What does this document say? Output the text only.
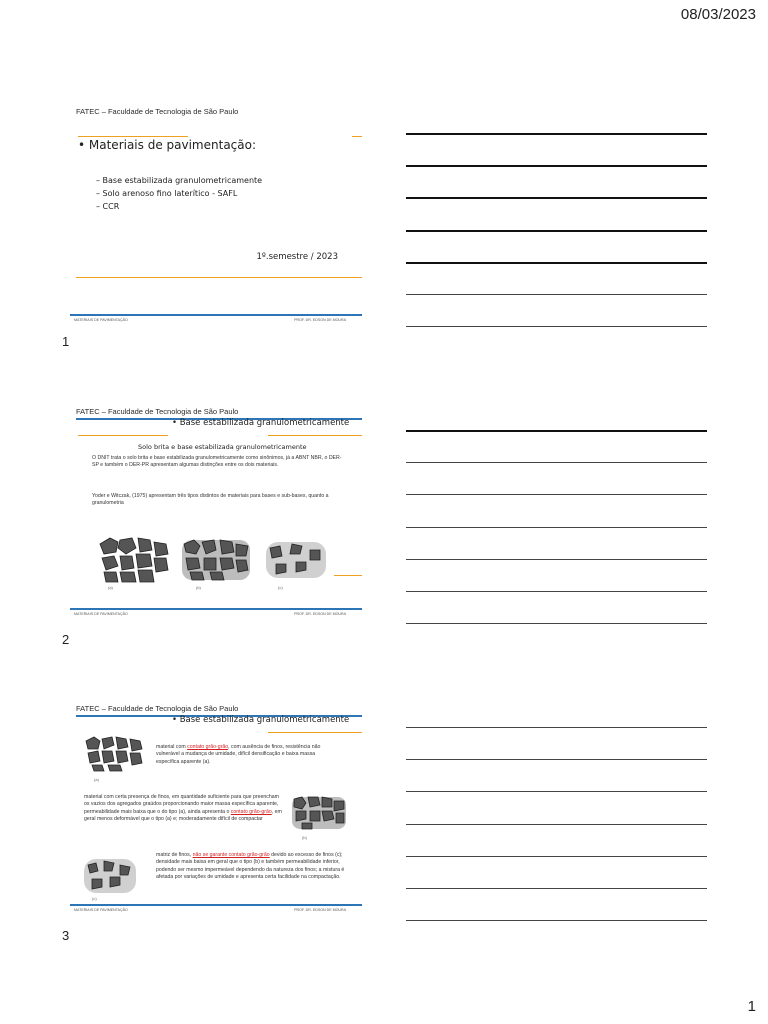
08/03/2023
FATEC – Faculdade de Tecnologia de São Paulo
• Materiais de pavimentação:
– Base estabilizada granulometricamente
– Solo arenoso fino laterítico - SAFL
– CCR
1º.semestre / 2023
MATERIAIS DE PAVIMENTAÇÃO	PROF. DR. EDSON DE MOURA
1
FATEC – Faculdade de Tecnologia de São Paulo
• Base estabilizada granulometricamente
Solo brita e base estabilizada granulometricamente
O DNIT trata o solo brita e base estabilizada granulometricamente como sinônimos, já a ABNT NBR, o DER-SP e também o DER-PR apresentam algumas distinções entre os dois materiais.
Yoder e Witczak, (1975) apresentam três tipos distintos de materiais para bases e sub-bases, quanto a granulometria
(a)	(b)	(c)
MATERIAIS DE PAVIMENTAÇÃO	PROF. DR. EDSON DE MOURA
2
FATEC – Faculdade de Tecnologia de São Paulo
• Base estabilizada granulometricamente
(a)
material com contato grão-grão, com ausência de finos, resistência não vulnerável a mudança de umidade, difícil densificação e baixa massa específica aparente (a).
material com certa presença de finos, em quantidade suficiente para que preencham os vazios dos agregados graúdos proporcionando maior massa específica aparente, permeabilidade mais baixa que o do tipo (a), ainda apresenta o contato grão-grão, em geral menos deformável que o tipo (a) e; moderadamente difícil de compactar
(b)
(c)
matriz de finos, não se garante contato grão-grão devido ao excesso de finos (c); densidade mais baixa em geral que o tipo (b) e também permeabilidade inferior, podendo ser mesmo impermeável dependendo da natureza dos finos; a mistura é afetada por variações de umidade e apresenta certa facilidade na compactação.
MATERIAIS DE PAVIMENTAÇÃO	PROF. DR. EDSON DE MOURA
3
1
